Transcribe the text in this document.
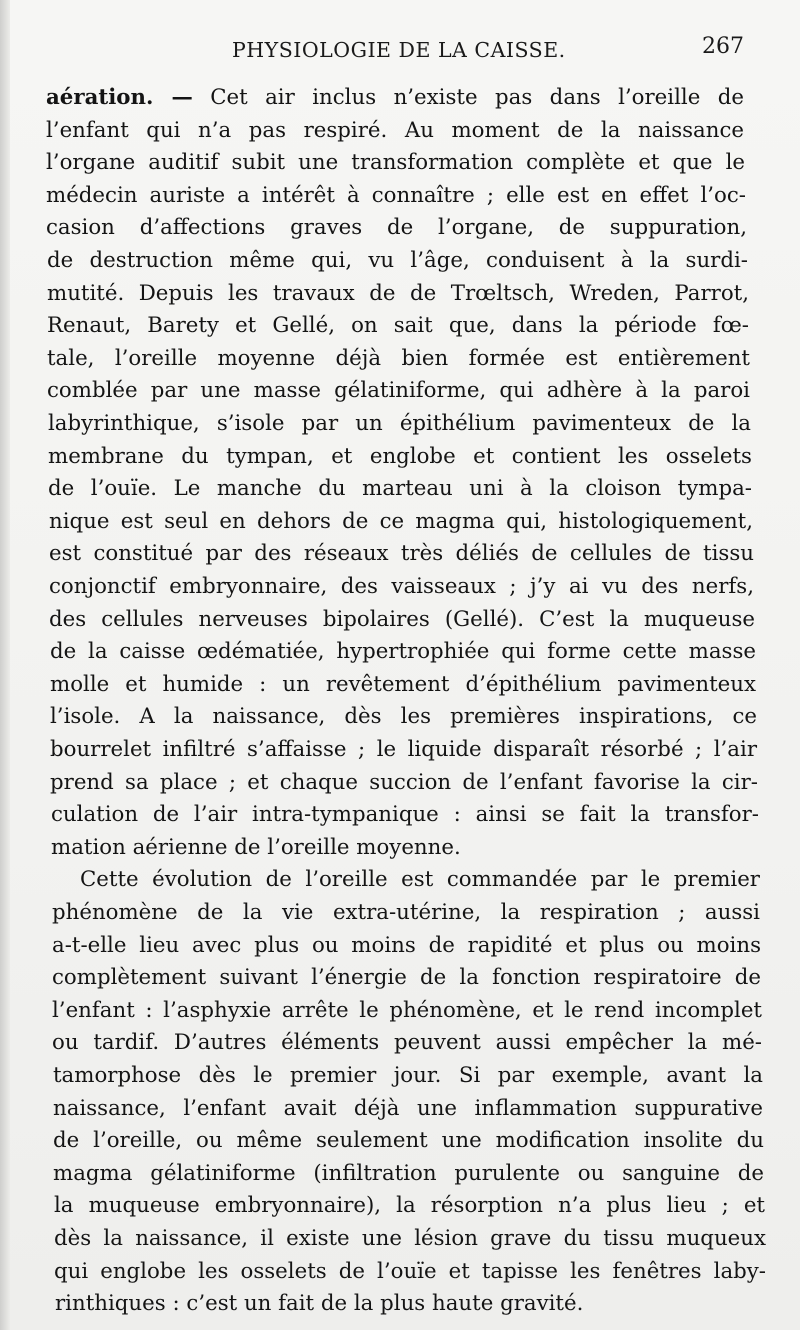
PHYSIOLOGIE DE LA CAISSE.	267
aération. — Cet air inclus n’existe pas dans l’oreille de
l’enfant qui n’a pas respiré. Au moment de la naissance
l’organe auditif subit une transformation complète et que le
médecin auriste a intérêt à connaître ; elle est en effet l’oc-
casion d’affections graves de l’organe, de suppuration,
de destruction même qui, vu l’âge, conduisent à la surdi-
mutité. Depuis les travaux de de Trœltsch, Wreden, Parrot,
Renaut, Barety et Gellé, on sait que, dans la période fœ-
tale, l’oreille moyenne déjà bien formée est entièrement
comblée par une masse gélatiniforme, qui adhère à la paroi
labyrinthique, s’isole par un épithélium pavimenteux de la
membrane du tympan, et englobe et contient les osselets
de l’ouïe. Le manche du marteau uni à la cloison tympa-
nique est seul en dehors de ce magma qui, histologiquement,
est constitué par des réseaux très déliés de cellules de tissu
conjonctif embryonnaire, des vaisseaux ; j’y ai vu des nerfs,
des cellules nerveuses bipolaires (Gellé). C’est la muqueuse
de la caisse œdématiée, hypertrophiée qui forme cette masse
molle et humide : un revêtement d’épithélium pavimenteux
l’isole. A la naissance, dès les premières inspirations, ce
bourrelet infiltré s’affaisse ; le liquide disparaît résorbé ; l’air
prend sa place ; et chaque succion de l’enfant favorise la cir-
culation de l’air intra-tympanique : ainsi se fait la transfor-
mation aérienne de l’oreille moyenne.
Cette évolution de l’oreille est commandée par le premier
phénomène de la vie extra-utérine, la respiration ; aussi
a-t-elle lieu avec plus ou moins de rapidité et plus ou moins
complètement suivant l’énergie de la fonction respiratoire de
l’enfant : l’asphyxie arrête le phénomène, et le rend incomplet
ou tardif. D’autres éléments peuvent aussi empêcher la mé-
tamorphose dès le premier jour. Si par exemple, avant la
naissance, l’enfant avait déjà une inflammation suppurative
de l’oreille, ou même seulement une modification insolite du
magma gélatiniforme (infiltration purulente ou sanguine de
la muqueuse embryonnaire), la résorption n’a plus lieu ; et
dès la naissance, il existe une lésion grave du tissu muqueux
qui englobe les osselets de l’ouïe et tapisse les fenêtres laby-
rinthiques : c’est un fait de la plus haute gravité.
